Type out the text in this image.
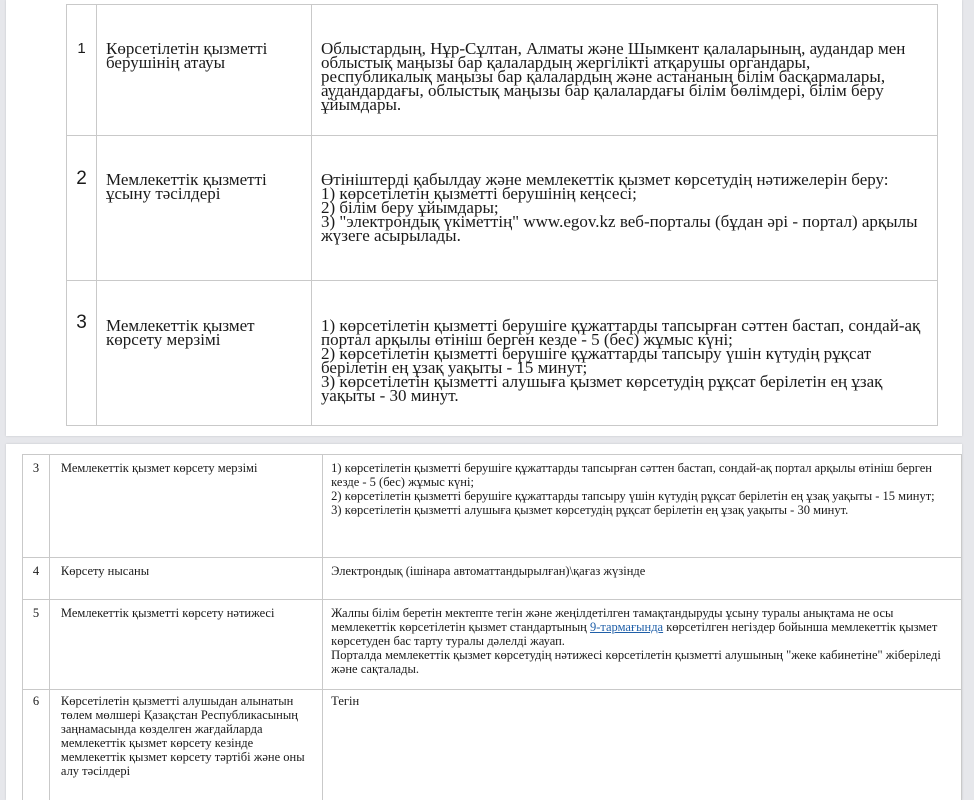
1	Көрсетілетін қызметті берушінің атауы	Облыстардың, Нұр-Сұлтан, Алматы және Шымкент қалаларының, аудандар мен облыстық маңызы бар қалалардың жергілікті атқарушы органдары, республикалық маңызы бар қалалардың және астананың білім басқармалары, аудандардағы, облыстық маңызы бар қалалардағы білім бөлімдері, білім беру ұйымдары.

2	Мемлекеттік қызметті ұсыну тәсілдері	Өтініштерді қабылдау және мемлекеттік қызмет көрсетудің нәтижелерін беру:
1) көрсетілетін қызметті берушінің кеңсесі;
2) білім беру ұйымдары;
3) "электрондық үкіметтің" www.egov.kz веб-порталы (бұдан әрі - портал) арқылы жүзеге асырылады.

3	Мемлекеттік қызмет көрсету мерзімі	1) көрсетілетін қызметті берушіге құжаттарды тапсырған сәттен бастап, сондай-ақ портал арқылы өтініш берген кезде - 5 (бес) жұмыс күні;
2) көрсетілетін қызметті берушіге құжаттарды тапсыру үшін күтудің рұқсат берілетін ең ұзақ уақыты - 15 минут;
3) көрсетілетін қызметті алушыға қызмет көрсетудің рұқсат берілетін ең ұзақ уақыты - 30 минут.
3	Мемлекеттік қызмет көрсету мерзімі	1) көрсетілетін қызметті берушіге құжаттарды тапсырған сәттен бастап, сондай-ақ портал арқылы өтініш берген кезде - 5 (бес) жұмыс күні;
2) көрсетілетін қызметті берушіге құжаттарды тапсыру үшін күтудің рұқсат берілетін ең ұзақ уақыты - 15 минут;
3) көрсетілетін қызметті алушыға қызмет көрсетудің рұқсат берілетін ең ұзақ уақыты - 30 минут.

4	Көрсету нысаны	Электрондық (ішінара автоматтандырылған)\қағаз жүзінде

5	Мемлекеттік қызметті көрсету нәтижесі	Жалпы білім беретін мектепте тегін және жеңілдетілген тамақтандыруды ұсыну туралы анықтама не осы мемлекеттік көрсетілетін қызмет стандартының 9-тармағында көрсетілген негіздер бойынша мемлекеттік қызмет көрсетуден бас тарту туралы дәлелді жауап.
Порталда мемлекеттік қызмет көрсетудің нәтижесі көрсетілетін қызметті алушының "жеке кабинетіне" жіберіледі және сақталады.

6	Көрсетілетін қызметті алушыдан алынатын төлем мөлшері Қазақстан Республикасының заңнамасында көзделген жағдайларда мемлекеттік қызмет көрсету кезінде мемлекеттік қызмет көрсету тәртібі және оны алу тәсілдері	Тегін
